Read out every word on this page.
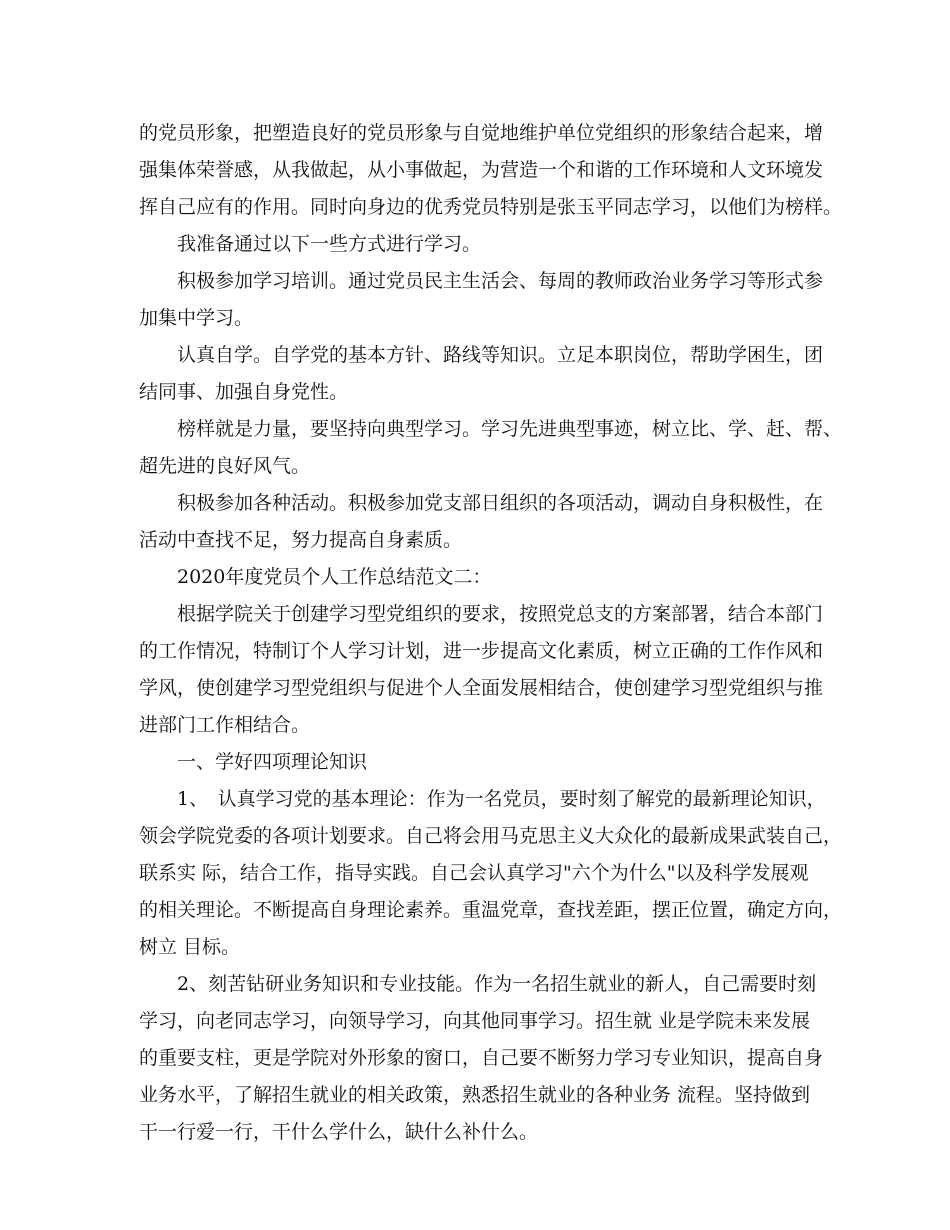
的党员形象，把塑造良好的党员形象与自觉地维护单位党组织的形象结合起来，增
强集体荣誉感，从我做起，从小事做起，为营造一个和谐的工作环境和人文环境发
挥自己应有的作用。同时向身边的优秀党员特别是张玉平同志学习，以他们为榜样。
我准备通过以下一些方式进行学习。
积极参加学习培训。通过党员民主生活会、每周的教师政治业务学习等形式参
加集中学习。
认真自学。自学党的基本方针、路线等知识。立足本职岗位，帮助学困生，团
结同事、加强自身党性。
榜样就是力量，要坚持向典型学习。学习先进典型事迹，树立比、学、赶、帮、
超先进的良好风气。
积极参加各种活动。积极参加党支部日组织的各项活动，调动自身积极性，在
活动中查找不足，努力提高自身素质。
2020年度党员个人工作总结范文二：
根据学院关于创建学习型党组织的要求，按照党总支的方案部署，结合本部门
的工作情况，特制订个人学习计划，进一步提高文化素质，树立正确的工作作风和
学风，使创建学习型党组织与促进个人全面发展相结合，使创建学习型党组织与推
进部门工作相结合。
一、学好四项理论知识
1、　认真学习党的基本理论：作为一名党员，要时刻了解党的最新理论知识，
领会学院党委的各项计划要求。自己将会用马克思主义大众化的最新成果武装自己，
联系实 际，结合工作，指导实践。自己会认真学习"六个为什么"以及科学发展观
的相关理论。不断提高自身理论素养。重温党章，查找差距，摆正位置，确定方向，
树立 目标。
2、刻苦钻研业务知识和专业技能。作为一名招生就业的新人，自己需要时刻
学习，向老同志学习，向领导学习，向其他同事学习。招生就 业是学院未来发展
的重要支柱，更是学院对外形象的窗口，自己要不断努力学习专业知识，提高自身
业务水平，了解招生就业的相关政策，熟悉招生就业的各种业务 流程。坚持做到
干一行爱一行，干什么学什么，缺什么补什么。
